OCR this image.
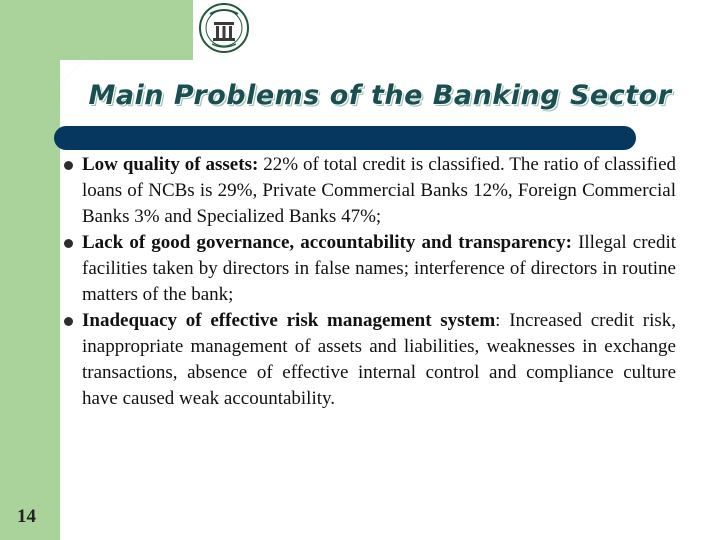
Main Problems of the Banking Sector

Low quality of assets: 22% of total credit is classified. The ratio of classified loans of NCBs is 29%, Private Commercial Banks 12%, Foreign Commercial Banks 3% and Specialized Banks 47%;

Lack of good governance, accountability and transparency: Illegal credit facilities taken by directors in false names; interference of directors in routine matters of the bank;

Inadequacy of effective risk management system: Increased credit risk, inappropriate management of assets and liabilities, weaknesses in exchange transactions, absence of effective internal control and compliance culture have caused weak accountability.

14
